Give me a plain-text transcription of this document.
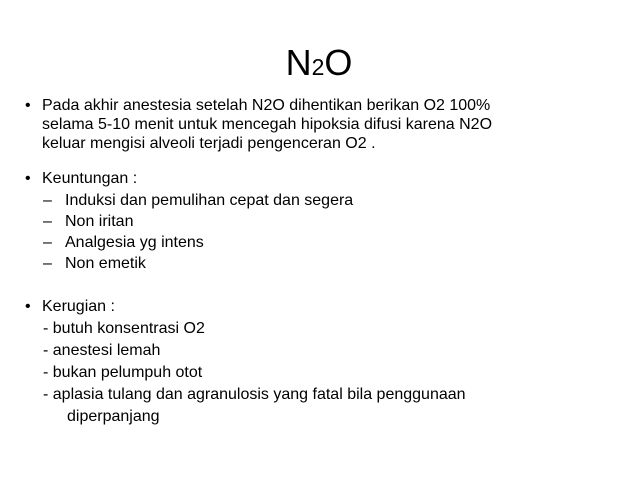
N2O
• Pada akhir anestesia setelah N2O dihentikan berikan O2 100%
selama 5-10 menit untuk mencegah hipoksia difusi karena N2O
keluar mengisi alveoli terjadi pengenceran O2 .
• Keuntungan :
– Induksi dan pemulihan cepat dan segera
– Non iritan
– Analgesia yg intens
– Non emetik
• Kerugian :
- butuh konsentrasi O2
- anestesi lemah
- bukan pelumpuh otot
- aplasia tulang dan agranulosis yang fatal bila penggunaan
diperpanjang
